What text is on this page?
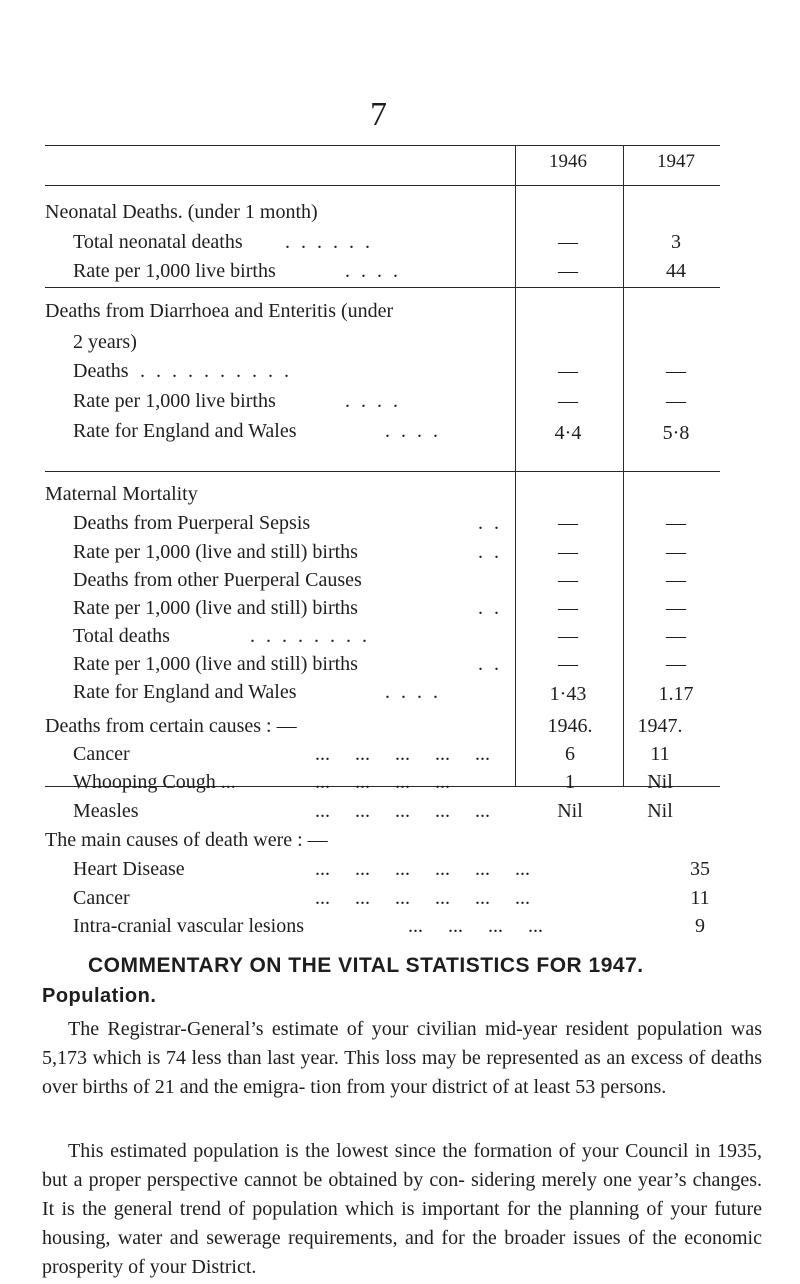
7
1946	1947
Neonatal Deaths. (under 1 month)
Total neonatal deaths . . . . . .	—	3
Rate per 1,000 live births	. . . .	—	44
Deaths from Diarrhoea and Enteritis (under
2 years)
Deaths . . . . . . . . . .	—	—
Rate per 1,000 live births	. . . .	—	—
Rate for England and Wales	. . . .	4·4	5·8
Maternal Mortality
Deaths from Puerperal Sepsis	. .	—	—
Rate per 1,000 (live and still) births	. .	—	—
Deaths from other Puerperal Causes	—	—
Rate per 1,000 (live and still) births	. .	—	—
Total deaths	. . . . . . . .	—	—
Rate per 1,000 (live and still) births	. .	—	—
Rate for England and Wales	. . . .	1·43	1.17
Deaths from certain causes : —	1946. 1947.
Cancer	...     ...     ...     ...     ...	6	11
Whooping Cough ...	...     ...     ...     ...	1	Nil
Measles	...     ...     ...     ...     ...	Nil	Nil
The main causes of death were : —
Heart Disease	...     ...     ...     ...     ...     ...	35
Cancer	...     ...     ...     ...     ...     ...	11
Intra-cranial vascular lesions	...     ...     ...     ...	9
COMMENTARY ON THE VITAL STATISTICS FOR 1947.
Population.
The Registrar-General’s estimate of your civilian mid-year resident population was 5,173 which is 74 less than last year. This loss may be represented as an excess of deaths over births of 21 and the emigra- tion from your district of at least 53 persons.
This estimated population is the lowest since the formation of your Council in 1935, but a proper perspective cannot be obtained by con- sidering merely one year’s changes. It is the general trend of population which is important for the planning of your future housing, water and sewerage requirements, and for the broader issues of the economic prosperity of your District.
